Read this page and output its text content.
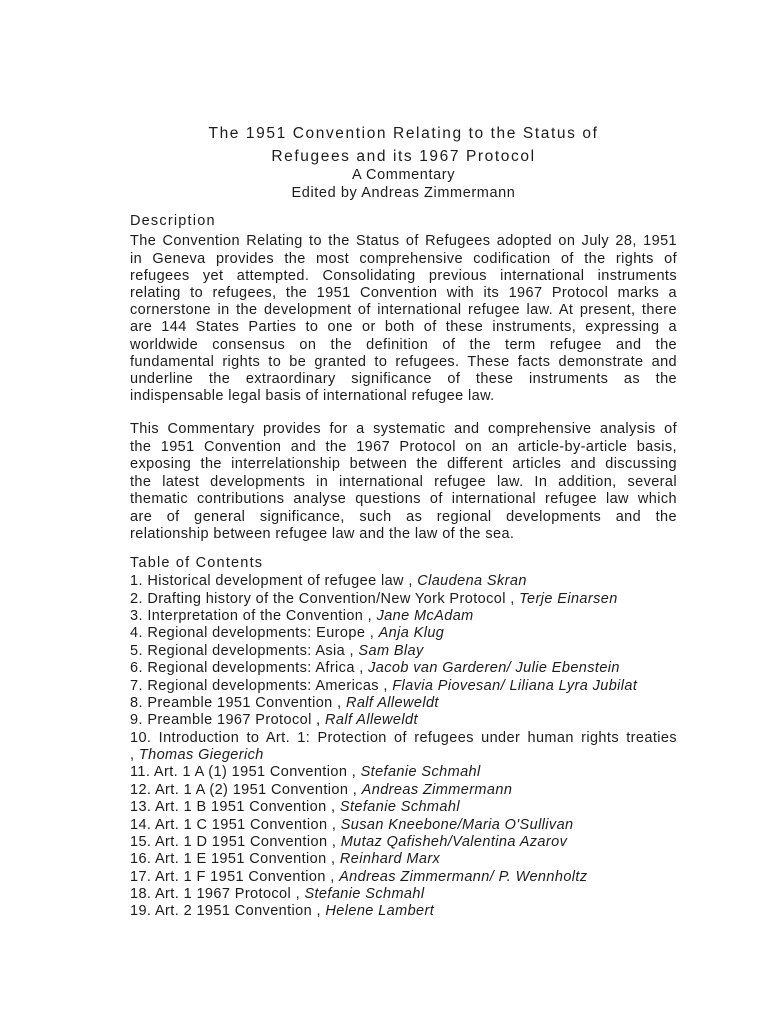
The 1951 Convention Relating to the Status of
Refugees and its 1967 Protocol
A Commentary
Edited by Andreas Zimmermann
Description
The Convention Relating to the Status of Refugees adopted on July 28, 1951
in Geneva provides the most comprehensive codification of the rights of
refugees yet attempted. Consolidating previous international instruments
relating to refugees, the 1951 Convention with its 1967 Protocol marks a
cornerstone in the development of international refugee law. At present, there
are 144 States Parties to one or both of these instruments, expressing a
worldwide consensus on the definition of the term refugee and the
fundamental rights to be granted to refugees. These facts demonstrate and
underline the extraordinary significance of these instruments as the
indispensable legal basis of international refugee law.
This Commentary provides for a systematic and comprehensive analysis of
the 1951 Convention and the 1967 Protocol on an article-by-article basis,
exposing the interrelationship between the different articles and discussing
the latest developments in international refugee law. In addition, several
thematic contributions analyse questions of international refugee law which
are of general significance, such as regional developments and the
relationship between refugee law and the law of the sea.
Table of Contents
1. Historical development of refugee law , Claudena Skran
2. Drafting history of the Convention/New York Protocol , Terje Einarsen
3. Interpretation of the Convention , Jane McAdam
4. Regional developments: Europe , Anja Klug
5. Regional developments: Asia , Sam Blay
6. Regional developments: Africa , Jacob van Garderen/ Julie Ebenstein
7. Regional developments: Americas , Flavia Piovesan/ Liliana Lyra Jubilat
8. Preamble 1951 Convention , Ralf Alleweldt
9. Preamble 1967 Protocol , Ralf Alleweldt
10. Introduction to Art. 1: Protection of refugees under human rights treaties
, Thomas Giegerich
11. Art. 1 A (1) 1951 Convention , Stefanie Schmahl
12. Art. 1 A (2) 1951 Convention , Andreas Zimmermann
13. Art. 1 B 1951 Convention , Stefanie Schmahl
14. Art. 1 C 1951 Convention , Susan Kneebone/Maria O'Sullivan
15. Art. 1 D 1951 Convention , Mutaz Qafisheh/Valentina Azarov
16. Art. 1 E 1951 Convention , Reinhard Marx
17. Art. 1 F 1951 Convention , Andreas Zimmermann/ P. Wennholtz
18. Art. 1 1967 Protocol , Stefanie Schmahl
19. Art. 2 1951 Convention , Helene Lambert
